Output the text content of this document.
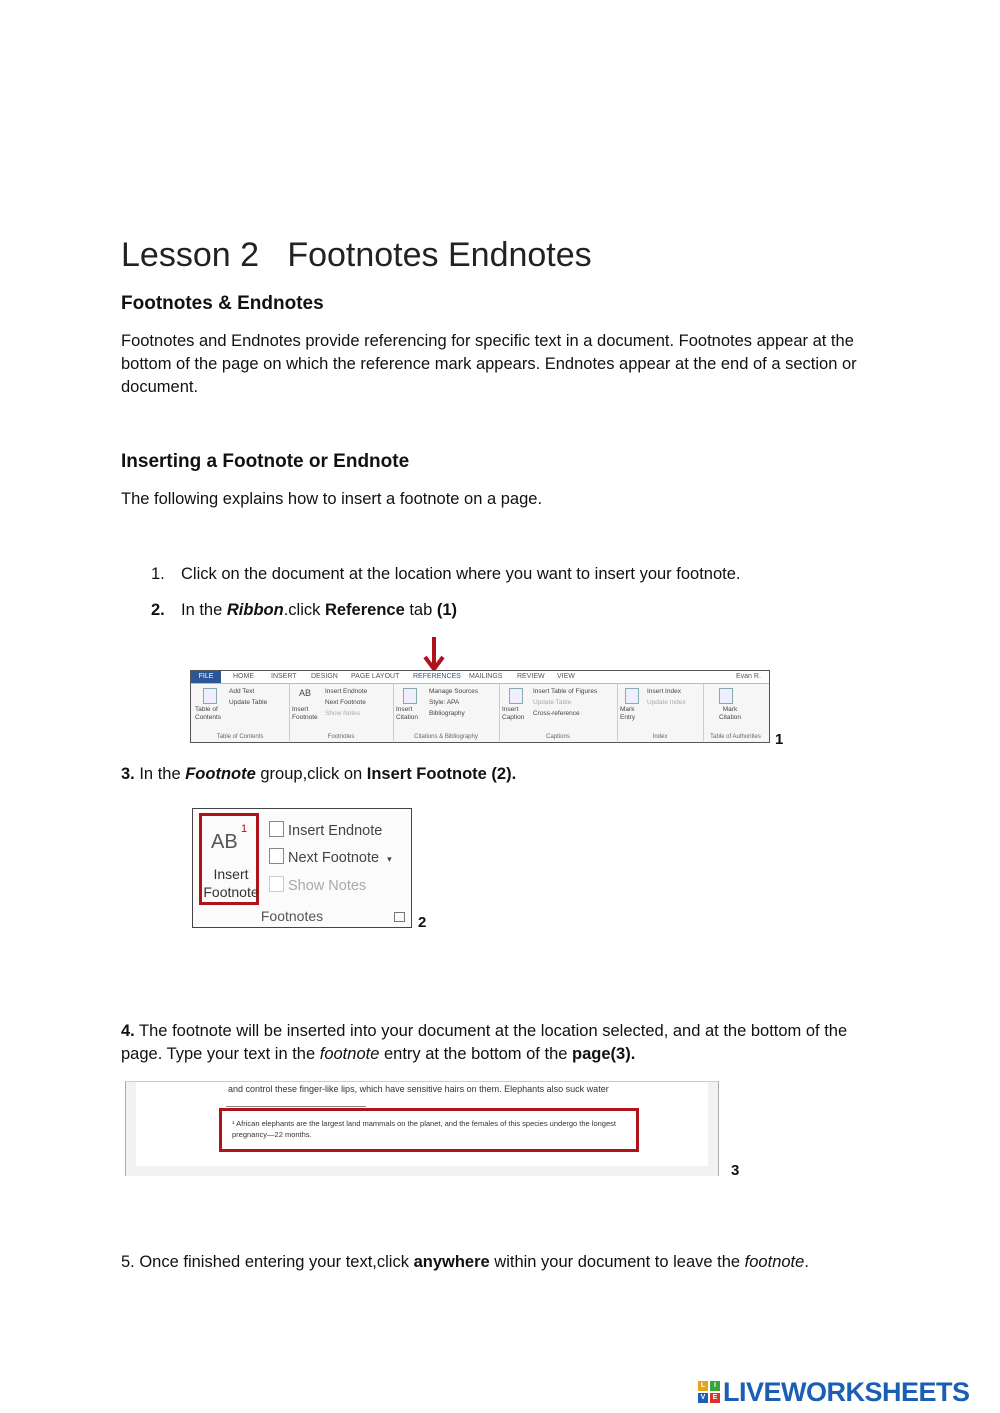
Lesson 2   Footnotes Endnotes
Footnotes & Endnotes
Footnotes and Endnotes provide referencing for specific text in a document. Footnotes appear at the bottom of the page on which the reference mark appears. Endnotes appear at the end of a section or document.
Inserting a Footnote or Endnote
The following explains how to insert a footnote on a page.
1. Click on the document at the location where you want to insert your footnote.
2. In the Ribbon.click Reference tab (1)
FILE	HOME INSERT DESIGN PAGE LAYOUT REFERENCES MAILINGS REVIEW VIEW	Evan R.
Table of Contents
Add Text
Update Table
Table of Contents
AB
Insert Footnote
Insert Endnote
Next Footnote
Show Notes
Footnotes
Insert Citation
Manage Sources
Style: APA
Bibliography
Citations & Bibliography
Insert Caption
Insert Table of Figures
Update Table
Cross-reference
Captions
Mark Entry
Insert Index
Update Index
Index
Mark Citation
Table of Authorities 1
3. In the Footnote group,click on Insert Footnote (2).
AB
1
Insert
Footnote
Insert Endnote
Next Footnote ▾
Show Notes
Footnotes	2
4. The footnote will be inserted into your document at the location selected, and at the bottom of the page. Type your text in the footnote entry at the bottom of the page(3).
and control these finger-like lips, which have sensitive hairs on them. Elephants also suck water
¹ African elephants are the largest land mammals on the planet, and the females of this species undergo the longest pregnancy—22 months.
3
5. Once finished entering your text,click anywhere within your document to leave the footnote.
L	I
V	E LIVEWORKSHEETS
